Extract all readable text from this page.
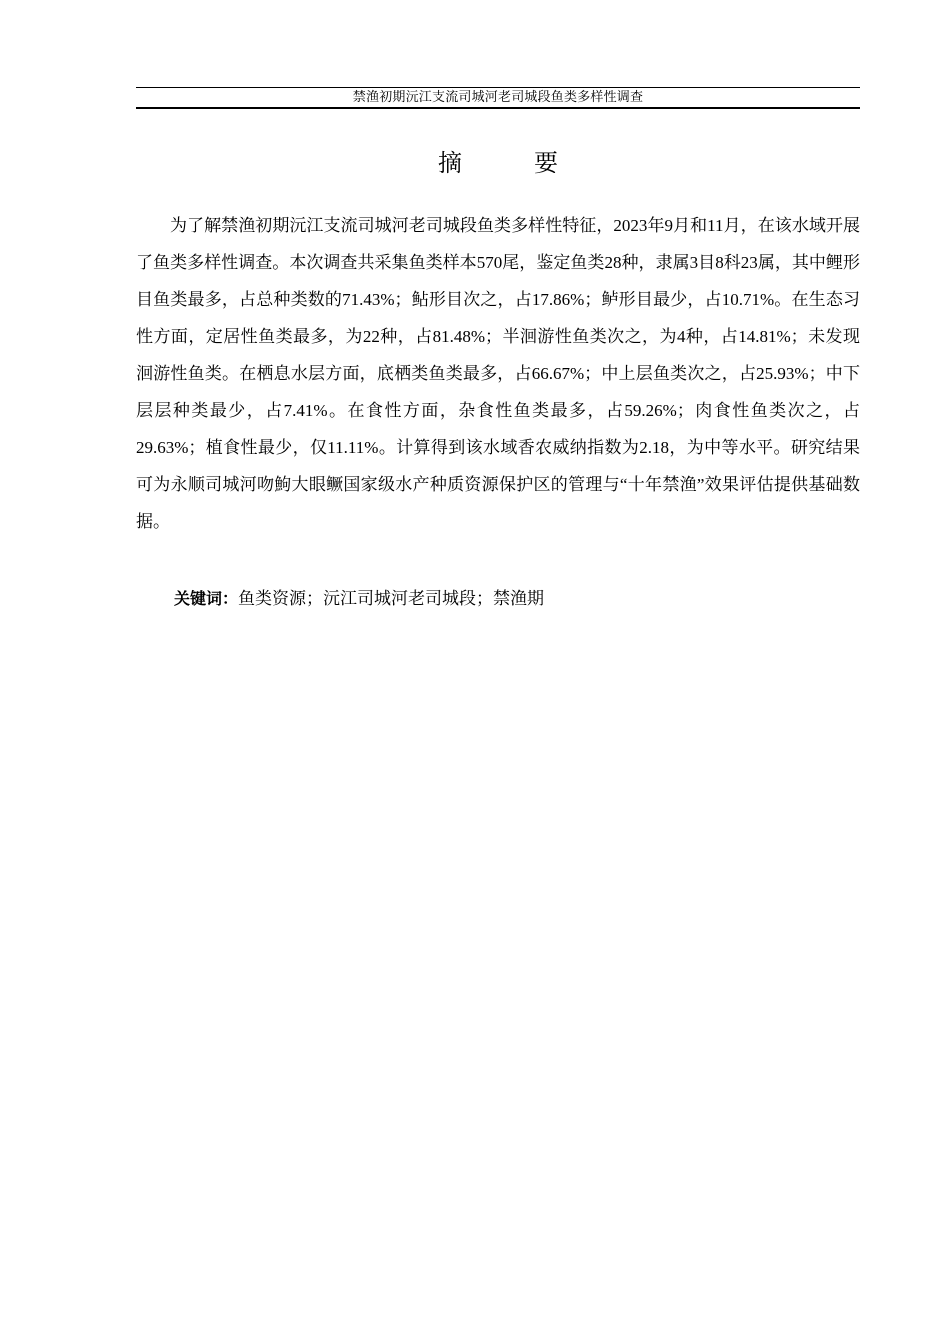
禁渔初期沅江支流司城河老司城段鱼类多样性调查
摘　要

为了解禁渔初期沅江支流司城河老司城段鱼类多样性特征，2023年9月和11月，在该水域开展了鱼类多样性调查。本次调查共采集鱼类样本570尾，鉴定鱼类28种，隶属3目8科23属，其中鲤形目鱼类最多，占总种类数的71.43%；鲇形目次之，占17.86%；鲈形目最少，占10.71%。在生态习性方面，定居性鱼类最多，为22种，占81.48%；半洄游性鱼类次之，为4种，占14.81%；未发现洄游性鱼类。在栖息水层方面，底栖类鱼类最多，占66.67%；中上层鱼类次之，占25.93%；中下层层种类最少，占7.41%。在食性方面，杂食性鱼类最多，占59.26%；肉食性鱼类次之，占29.63%；植食性最少，仅11.11%。计算得到该水域香农威纳指数为2.18，为中等水平。研究结果可为永顺司城河吻鮈大眼鳜国家级水产种质资源保护区的管理与“十年禁渔”效果评估提供基础数据。

关键词：鱼类资源；沅江司城河老司城段；禁渔期
